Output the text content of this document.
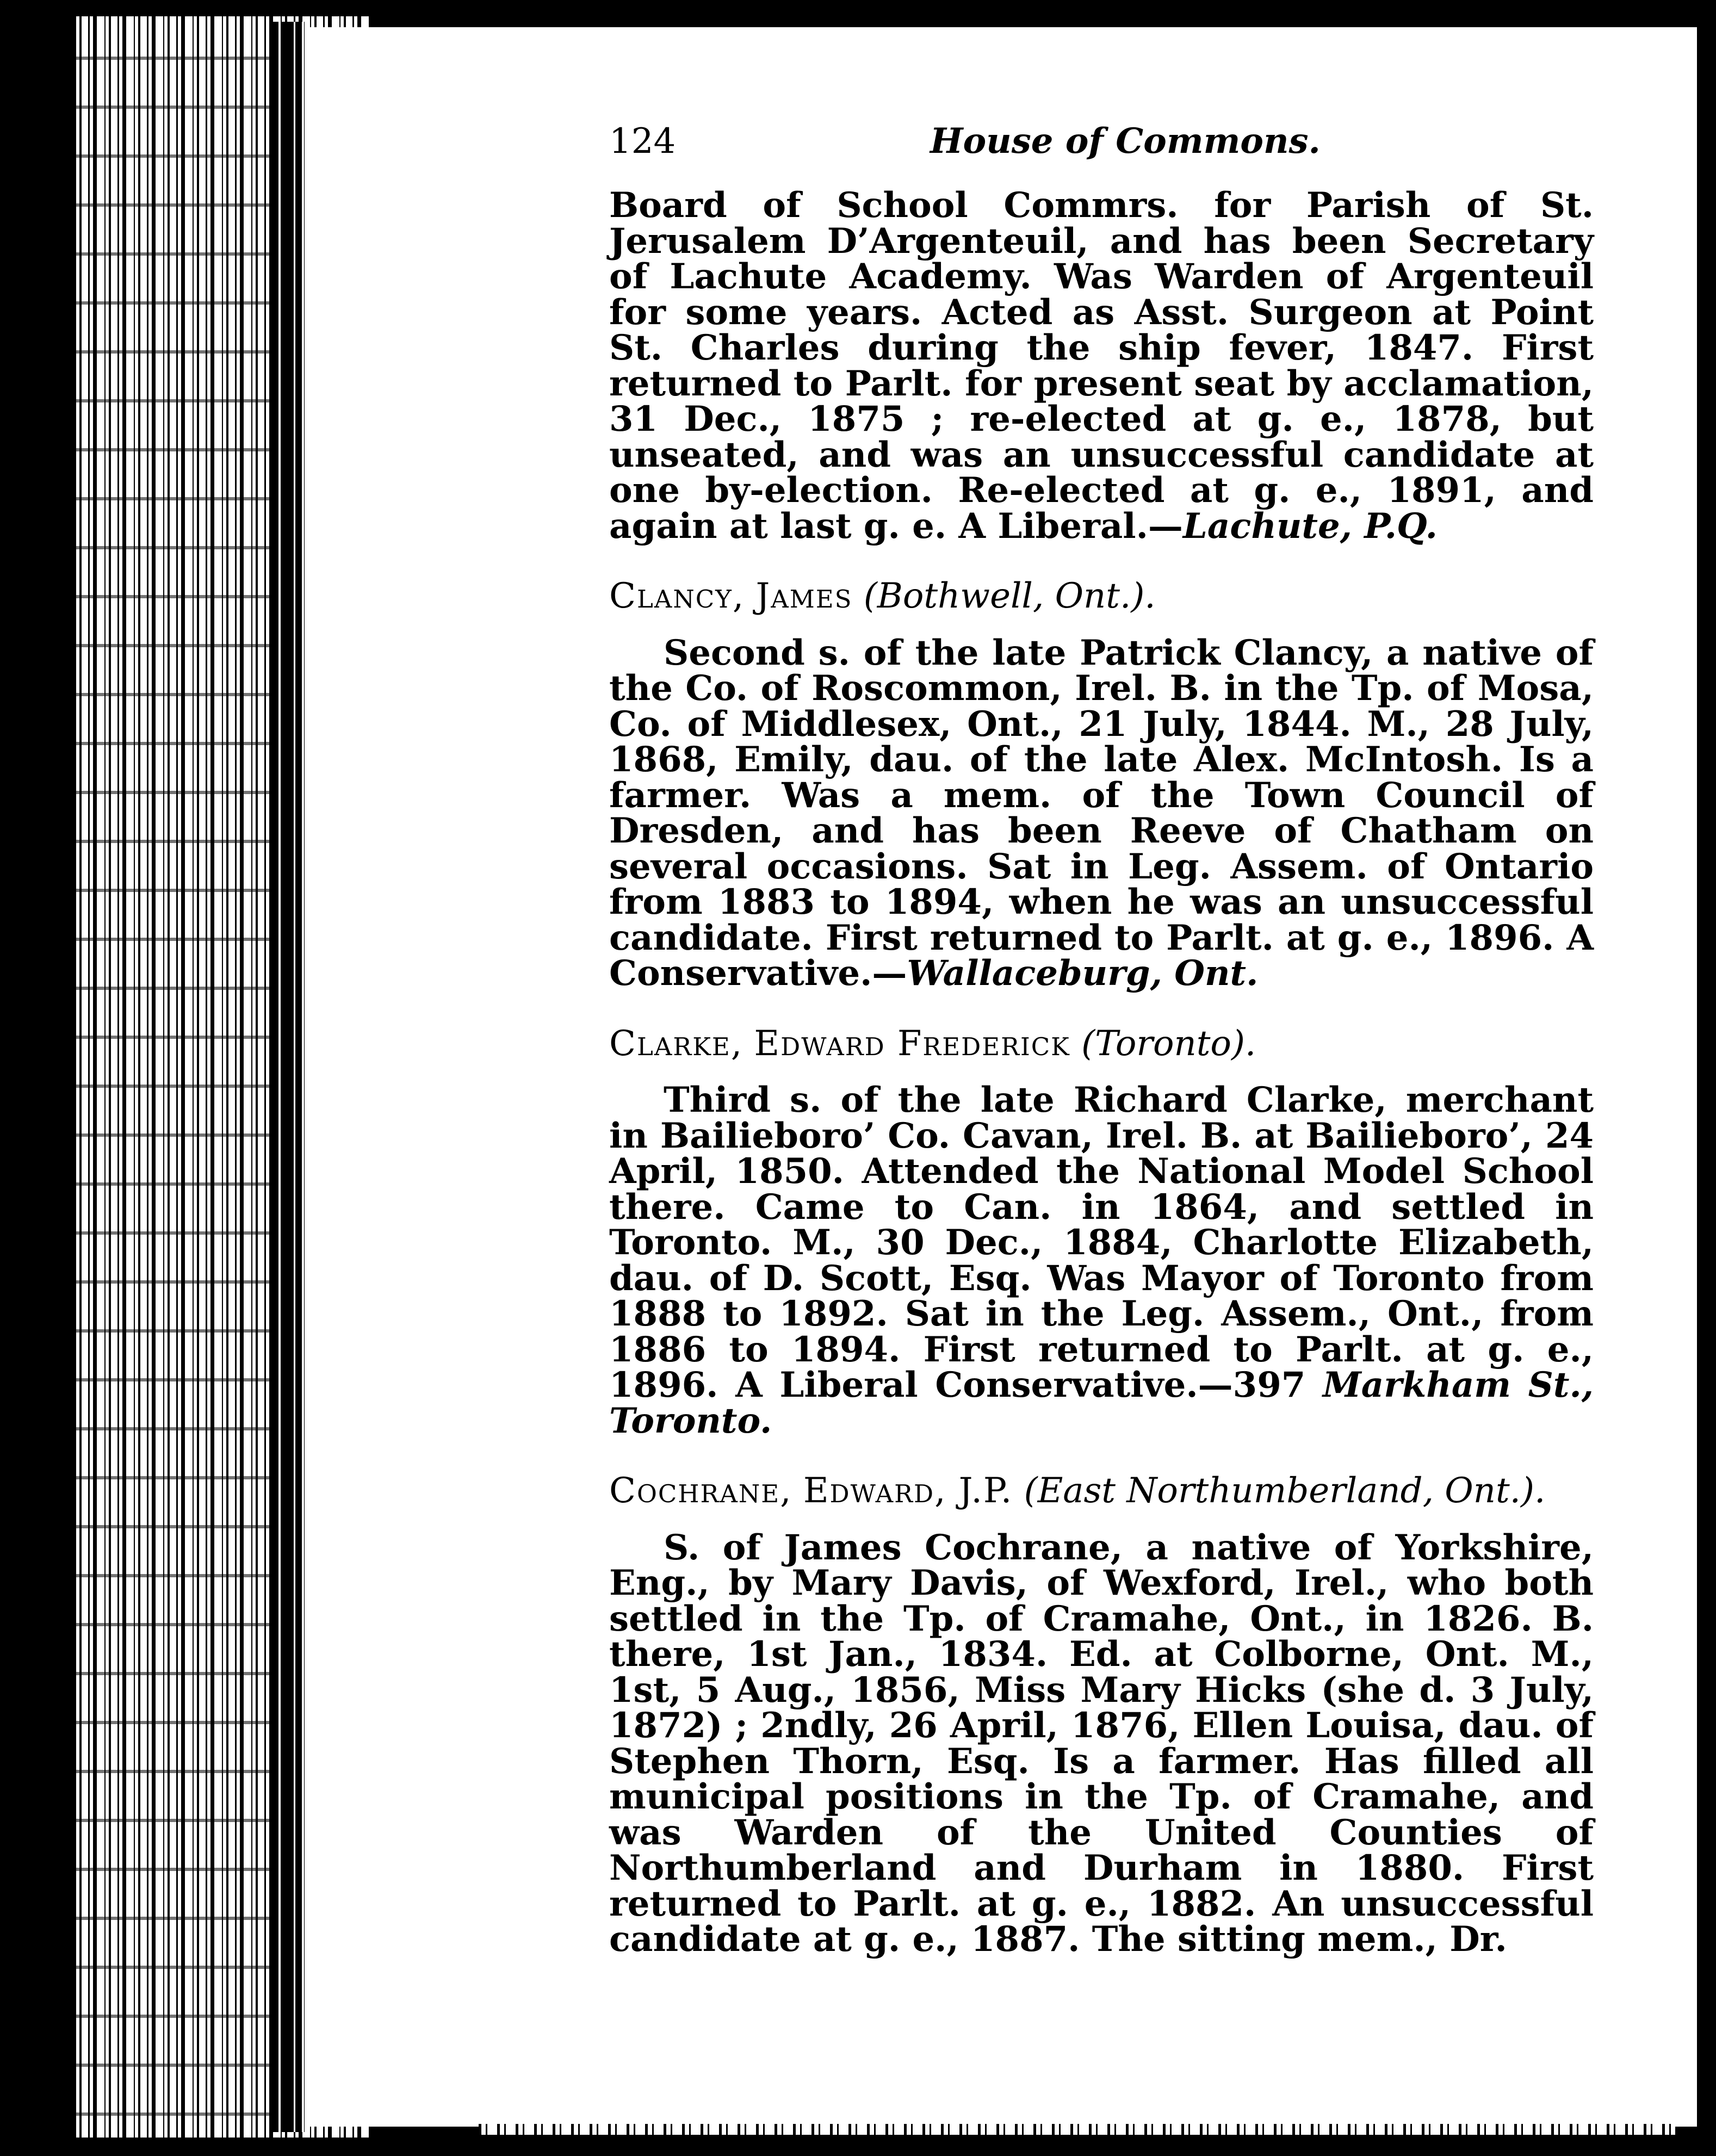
124	House of Commons.

Board of School Commrs. for Parish of St. Jerusalem D’Argenteuil, and has been Secretary of Lachute Academy. Was Warden of Argenteuil for some years. Acted as Asst. Surgeon at Point St. Charles during the ship fever, 1847. First returned to Parlt. for present seat by acclamation, 31 Dec., 1875 ; re-elected at g. e., 1878, but unseated, and was an unsuccessful candidate at one by-election. Re-elected at g. e., 1891, and again at last g. e. A Liberal.—Lachute, P.Q.

Clancy, James (Bothwell, Ont.).

Second s. of the late Patrick Clancy, a native of the Co. of Roscommon, Irel. B. in the Tp. of Mosa, Co. of Middlesex, Ont., 21 July, 1844. M., 28 July, 1868, Emily, dau. of the late Alex. McIntosh. Is a farmer. Was a mem. of the Town Council of Dresden, and has been Reeve of Chatham on several occasions. Sat in Leg. Assem. of Ontario from 1883 to 1894, when he was an unsuccessful candidate. First returned to Parlt. at g. e., 1896. A Conservative.—Wallaceburg, Ont.

Clarke, Edward Frederick (Toronto).

Third s. of the late Richard Clarke, merchant in Bailieboro’ Co. Cavan, Irel. B. at Bailieboro’, 24 April, 1850. Attended the National Model School there. Came to Can. in 1864, and settled in Toronto. M., 30 Dec., 1884, Charlotte Elizabeth, dau. of D. Scott, Esq. Was Mayor of Toronto from 1888 to 1892. Sat in the Leg. Assem., Ont., from 1886 to 1894. First returned to Parlt. at g. e., 1896. A Liberal Conservative.—397 Markham St., Toronto.

Cochrane, Edward, J.P. (East Northumberland, Ont.).

S. of James Cochrane, a native of Yorkshire, Eng., by Mary Davis, of Wexford, Irel., who both settled in the Tp. of Cramahe, Ont., in 1826. B. there, 1st Jan., 1834. Ed. at Colborne, Ont. M., 1st, 5 Aug., 1856, Miss Mary Hicks (she d. 3 July, 1872) ; 2ndly, 26 April, 1876, Ellen Louisa, dau. of Stephen Thorn, Esq. Is a farmer. Has filled all municipal positions in the Tp. of Cramahe, and was Warden of the United Counties of Northumberland and Durham in 1880. First returned to Parlt. at g. e., 1882. An unsuccessful candidate at g. e., 1887. The sitting mem., Dr.
